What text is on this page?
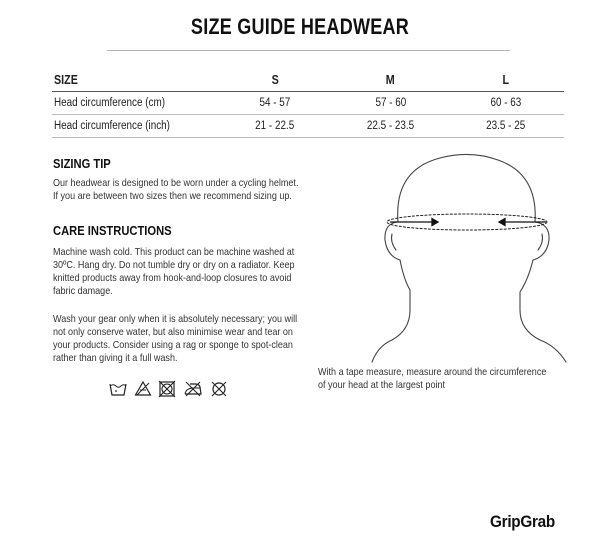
SIZE GUIDE HEADWEAR
SIZE	S	M	L
Head circumference (cm)	54 - 57	57 - 60	60 - 63
Head circumference (inch)	21 - 22.5	22.5 - 23.5	23.5 - 25
SIZING TIP
Our headwear is designed to be worn under a cycling helmet. If you are between two sizes then we recommend sizing up.
CARE INSTRUCTIONS
Machine wash cold. This product can be machine washed at 30ºC. Hang dry. Do not tumble dry or dry on a radiator. Keep knitted products away from hook-and-loop closures to avoid fabric damage.
Wash your gear only when it is absolutely necessary; you will not only conserve water, but also minimise wear and tear on your products. Consider using a rag or sponge to spot-clean rather than giving it a full wash.
With a tape measure, measure around the circumference of your head at the largest point
GripGrab
